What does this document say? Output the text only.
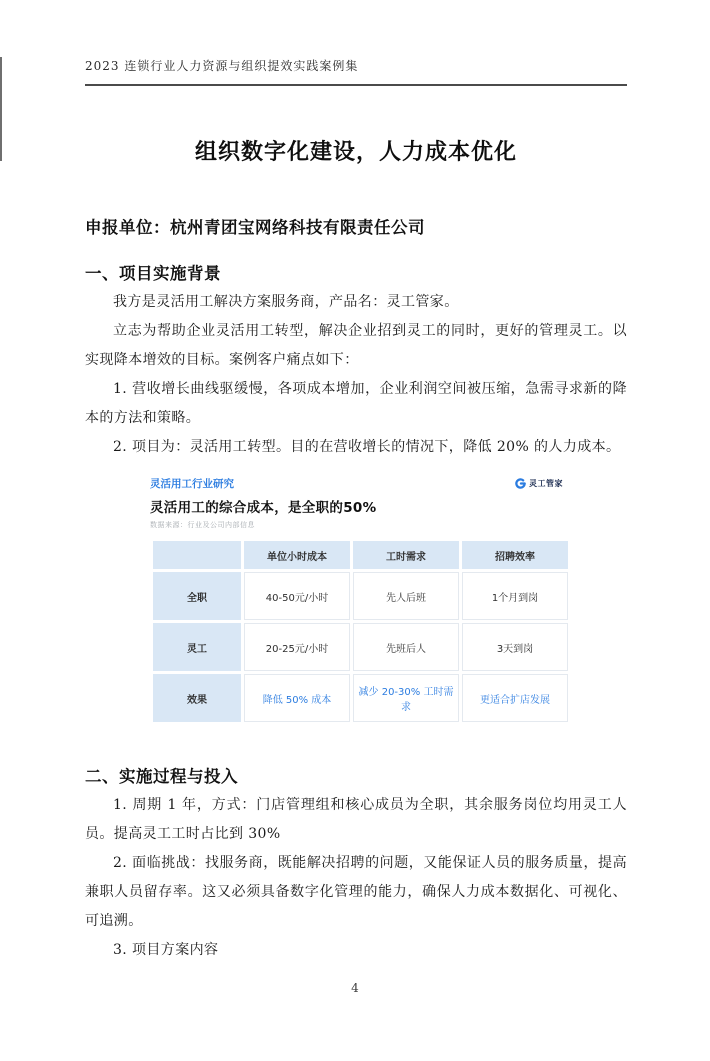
2023 连锁行业人力资源与组织提效实践案例集
组织数字化建设，人力成本优化

申报单位：杭州青团宝网络科技有限责任公司

一、项目实施背景

我方是灵活用工解决方案服务商，产品名：灵工管家。

立志为帮助企业灵活用工转型，解决企业招到灵工的同时，更好的管理灵工。以实现降本增效的目标。案例客户痛点如下：

1. 营收增长曲线驱缓慢，各项成本增加，企业利润空间被压缩，急需寻求新的降本的方法和策略。

2. 项目为：灵活用工转型。目的在营收增长的情况下，降低 20% 的人力成本。

灵活用工行业研究	灵工管家
灵活用工的综合成本，是全职的50%
数据来源：行业及公司内部信息
	单位小时成本	工时需求	招聘效率
全职	40-50元/小时	先人后班	1个月到岗
灵工	20-25元/小时	先班后人	3天到岗
效果	降低 50% 成本	减少 20-30% 工时需求	更适合扩店发展
二、实施过程与投入

1. 周期 1 年，方式：门店管理组和核心成员为全职，其余服务岗位均用灵工人员。提高灵工工时占比到 30%

2. 面临挑战：找服务商，既能解决招聘的问题，又能保证人员的服务质量，提高兼职人员留存率。这又必须具备数字化管理的能力，确保人力成本数据化、可视化、可追溯。

3. 项目方案内容

4
